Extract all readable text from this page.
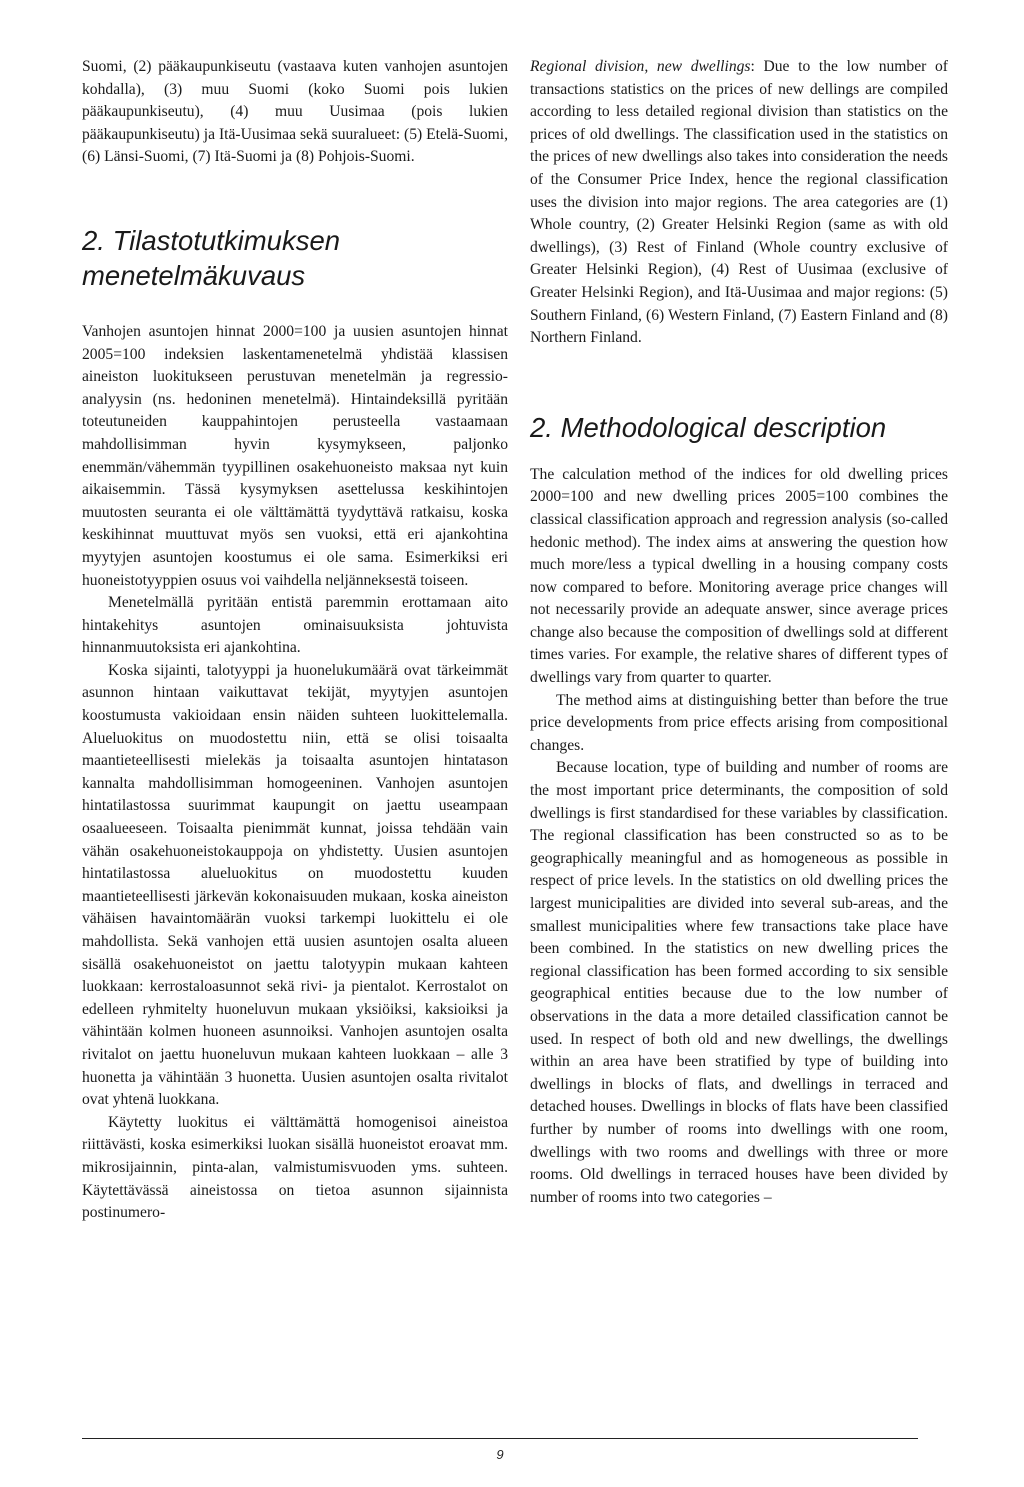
Suomi, (2) pääkaupunkiseutu (vastaava kuten vanhojen asuntojen kohdalla), (3) muu Suomi (koko Suomi pois lukien pääkaupunkiseutu), (4) muu Uusimaa (pois lukien pääkaupunkiseutu) ja Itä-Uusimaa sekä suuralueet: (5) Etelä-Suomi, (6) Länsi-Suomi, (7) Itä-Suomi ja (8) Pohjois-Suomi.

2. Tilastotutkimuksen menetelmäkuvaus

Vanhojen asuntojen hinnat 2000=100 ja uusien asuntojen hinnat 2005=100 indeksien laskentamenetelmä yhdistää klassisen aineiston luokitukseen perustuvan menetelmän ja regressio-analyysin (ns. hedoninen menetelmä). Hintaindeksillä pyritään toteutuneiden kauppahintojen perusteella vastaamaan mahdollisimman hyvin kysymykseen, paljonko enemmän/vähemmän tyypillinen osakehuoneisto maksaa nyt kuin aikaisemmin. Tässä kysymyksen asettelussa keskihintojen muutosten seuranta ei ole välttämättä tyydyttävä ratkaisu, koska keskihinnat muuttuvat myös sen vuoksi, että eri ajankohtina myytyjen asuntojen koostumus ei ole sama. Esimerkiksi eri huoneistotyyppien osuus voi vaihdella neljänneksestä toiseen.

Menetelmällä pyritään entistä paremmin erottamaan aito hintakehitys asuntojen ominaisuuksista johtuvista hinnanmuutoksista eri ajankohtina.

Koska sijainti, talotyyppi ja huonelukumäärä ovat tärkeimmät asunnon hintaan vaikuttavat tekijät, myytyjen asuntojen koostumusta vakioidaan ensin näiden suhteen luokittelemalla. Alueluokitus on muodostettu niin, että se olisi toisaalta maantieteellisesti mielekäs ja toisaalta asuntojen hintatason kannalta mahdollisimman homogeeninen. Vanhojen asuntojen hintatilastossa suurimmat kaupungit on jaettu useampaan osaalueeseen. Toisaalta pienimmät kunnat, joissa tehdään vain vähän osakehuoneistokauppoja on yhdistetty. Uusien asuntojen hintatilastossa alueluokitus on muodostettu kuuden maantieteellisesti järkevän kokonaisuuden mukaan, koska aineiston vähäisen havaintomäärän vuoksi tarkempi luokittelu ei ole mahdollista. Sekä vanhojen että uusien asuntojen osalta alueen sisällä osakehuoneistot on jaettu talotyypin mukaan kahteen luokkaan: kerrostaloasunnot sekä rivi- ja pientalot. Kerrostalot on edelleen ryhmitelty huoneluvun mukaan yksiöiksi, kaksioiksi ja vähintään kolmen huoneen asunnoiksi. Vanhojen asuntojen osalta rivitalot on jaettu huoneluvun mukaan kahteen luokkaan – alle 3 huonetta ja vähintään 3 huonetta. Uusien asuntojen osalta rivitalot ovat yhtenä luokkana.

Käytetty luokitus ei välttämättä homogenisoi aineistoa riittävästi, koska esimerkiksi luokan sisällä huoneistot eroavat mm. mikrosijainnin, pinta-alan, valmistumisvuoden yms. suhteen. Käytettävässä aineistossa on tietoa asunnon sijainnista postinumero-

Regional division, new dwellings: Due to the low number of transactions statistics on the prices of new dellings are compiled according to less detailed regional division than statistics on the prices of old dwellings. The classification used in the statistics on the prices of new dwellings also takes into consideration the needs of the Consumer Price Index, hence the regional classification uses the division into major regions. The area categories are (1) Whole country, (2) Greater Helsinki Region (same as with old dwellings), (3) Rest of Finland (Whole country exclusive of Greater Helsinki Region), (4) Rest of Uusimaa (exclusive of Greater Helsinki Region), and Itä-Uusimaa and major regions: (5) Southern Finland, (6) Western Finland, (7) Eastern Finland and (8) Northern Finland.

2. Methodological description

The calculation method of the indices for old dwelling prices 2000=100 and new dwelling prices 2005=100 combines the classical classification approach and regression analysis (so-called hedonic method). The index aims at answering the question how much more/less a typical dwelling in a housing company costs now compared to before. Monitoring average price changes will not necessarily provide an adequate answer, since average prices change also because the composition of dwellings sold at different times varies. For example, the relative shares of different types of dwellings vary from quarter to quarter.

The method aims at distinguishing better than before the true price developments from price effects arising from compositional changes.

Because location, type of building and number of rooms are the most important price determinants, the composition of sold dwellings is first standardised for these variables by classification. The regional classification has been constructed so as to be geographically meaningful and as homogeneous as possible in respect of price levels. In the statistics on old dwelling prices the largest municipalities are divided into several sub-areas, and the smallest municipalities where few transactions take place have been combined. In the statistics on new dwelling prices the regional classification has been formed according to six sensible geographical entities because due to the low number of observations in the data a more detailed classification cannot be used. In respect of both old and new dwellings, the dwellings within an area have been stratified by type of building into dwellings in blocks of flats, and dwellings in terraced and detached houses. Dwellings in blocks of flats have been classified further by number of rooms into dwellings with one room, dwellings with two rooms and dwellings with three or more rooms. Old dwellings in terraced houses have been divided by number of rooms into two categories –

9
